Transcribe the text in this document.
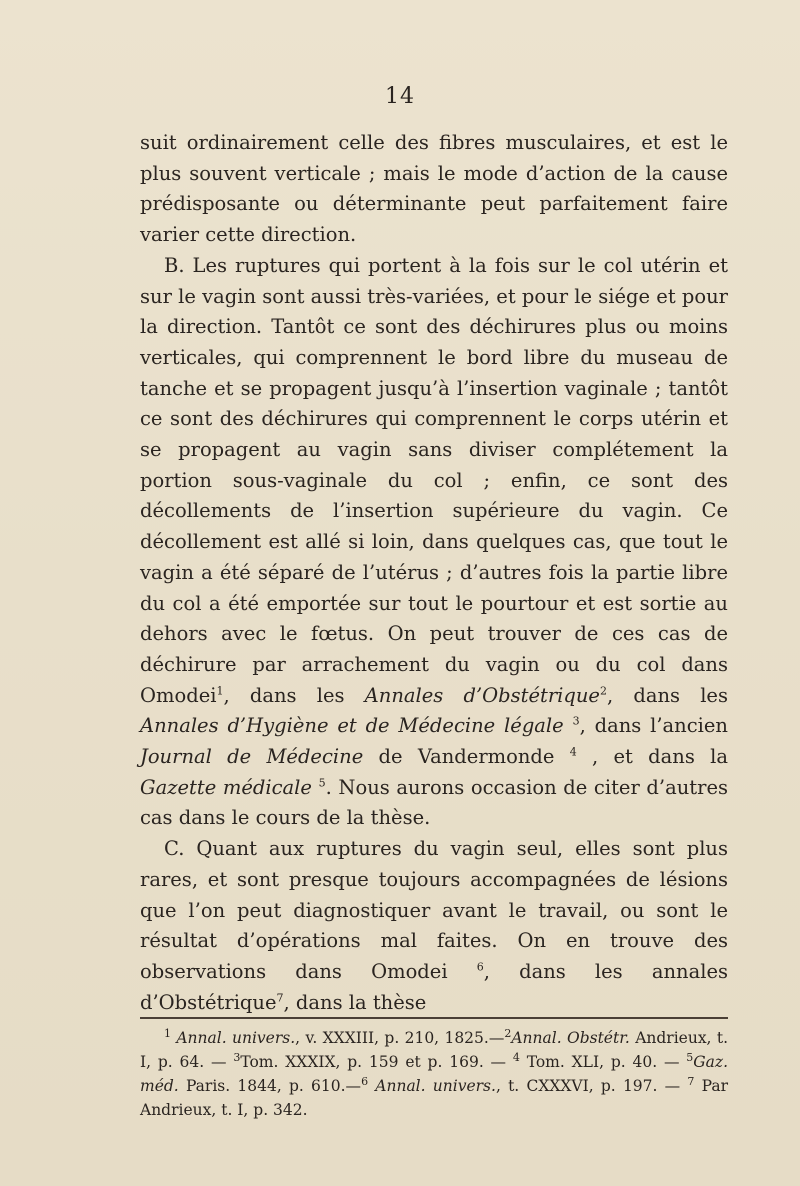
14

suit ordinairement celle des fibres musculaires, et est le plus souvent verticale ; mais le mode d’action de la cause prédisposante ou déterminante peut parfaitement faire varier cette direction.

B. Les ruptures qui portent à la fois sur le col utérin et sur le vagin sont aussi très-variées, et pour le siége et pour la direction. Tantôt ce sont des déchirures plus ou moins verticales, qui comprennent le bord libre du museau de tanche et se propagent jusqu’à l’insertion vaginale ; tantôt ce sont des déchirures qui comprennent le corps utérin et se propagent au vagin sans diviser complétement la portion sous-vaginale du col ; enfin, ce sont des décollements de l’insertion supérieure du vagin. Ce décollement est allé si loin, dans quelques cas, que tout le vagin a été séparé de l’utérus ; d’autres fois la partie libre du col a été emportée sur tout le pourtour et est sortie au dehors avec le fœtus. On peut trouver de ces cas de déchirure par arrachement du vagin ou du col dans Omodei$^1$, dans les Annales d’Obstétrique$^2$, dans les Annales d’Hygiène et de Médecine légale $^3$, dans l’ancien Journal de Médecine de Vandermonde $^4$ , et dans la Gazette médicale $^5$. Nous aurons occasion de citer d’autres cas dans le cours de la thèse.

C. Quant aux ruptures du vagin seul, elles sont plus rares, et sont presque toujours accompagnées de lésions que l’on peut diagnostiquer avant le travail, ou sont le résultat d’opérations mal faites. On en trouve des observations dans Omodei	$^6$, dans les annales d’Obstétrique$^7$, dans la thèse

$^1$ Annal. univers., v. XXXIII, p. 210, 1825.—$^2$Annal. Obstétr. Andrieux, t. I, p. 64. — $^3$Tom. XXXIX, p. 159 et p. 169. — $^4$ Tom. XLI, p. 40. — $^5$Gaz. méd. Paris. 1844, p. 610.—$^6$ Annal. univers., t. CXXXVI, p. 197. — $^7$ Par Andrieux, t. I, p. 342.
